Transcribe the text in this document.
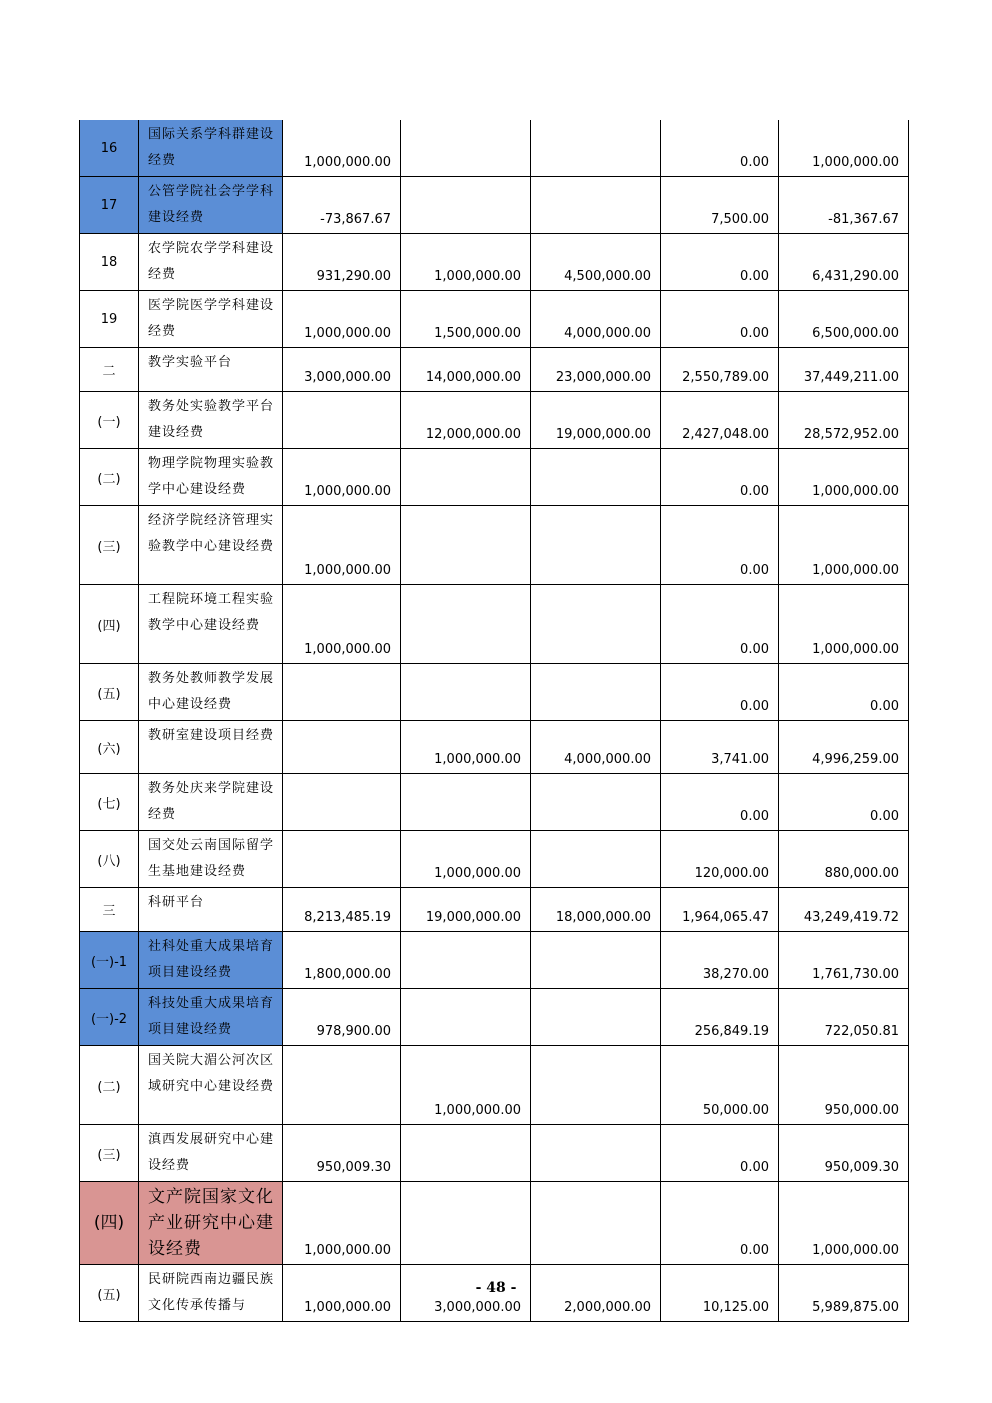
16	国际关系学科群建设经费	1,000,000.00			0.00	1,000,000.00
17	公管学院社会学学科建设经费	-73,867.67			7,500.00	-81,367.67
18	农学院农学学科建设经费	931,290.00	1,000,000.00	4,500,000.00	0.00	6,431,290.00
19	医学院医学学科建设经费	1,000,000.00	1,500,000.00	4,000,000.00	0.00	6,500,000.00
二	教学实验平台	3,000,000.00	14,000,000.00	23,000,000.00	2,550,789.00	37,449,211.00
(一)	教务处实验教学平台建设经费		12,000,000.00	19,000,000.00	2,427,048.00	28,572,952.00
(二)	物理学院物理实验教学中心建设经费	1,000,000.00			0.00	1,000,000.00
(三)	经济学院经济管理实验教学中心建设经费	1,000,000.00			0.00	1,000,000.00
(四)	工程院环境工程实验教学中心建设经费	1,000,000.00			0.00	1,000,000.00
(五)	教务处教师教学发展中心建设经费				0.00	0.00
(六)	教研室建设项目经费		1,000,000.00	4,000,000.00	3,741.00	4,996,259.00
(七)	教务处庆来学院建设经费				0.00	0.00
(八)	国交处云南国际留学生基地建设经费		1,000,000.00		120,000.00	880,000.00
三	科研平台	8,213,485.19	19,000,000.00	18,000,000.00	1,964,065.47	43,249,419.72
(一)-1	社科处重大成果培育项目建设经费	1,800,000.00			38,270.00	1,761,730.00
(一)-2	科技处重大成果培育项目建设经费	978,900.00			256,849.19	722,050.81
(二)	国关院大湄公河次区域研究中心建设经费		1,000,000.00		50,000.00	950,000.00
(三)	滇西发展研究中心建设经费	950,009.30			0.00	950,009.30
(四)	文产院国家文化产业研究中心建设经费	1,000,000.00			0.00	1,000,000.00
(五)	民研院西南边疆民族文化传承传播与	1,000,000.00	3,000,000.00	2,000,000.00	10,125.00	5,989,875.00
- 48 -
